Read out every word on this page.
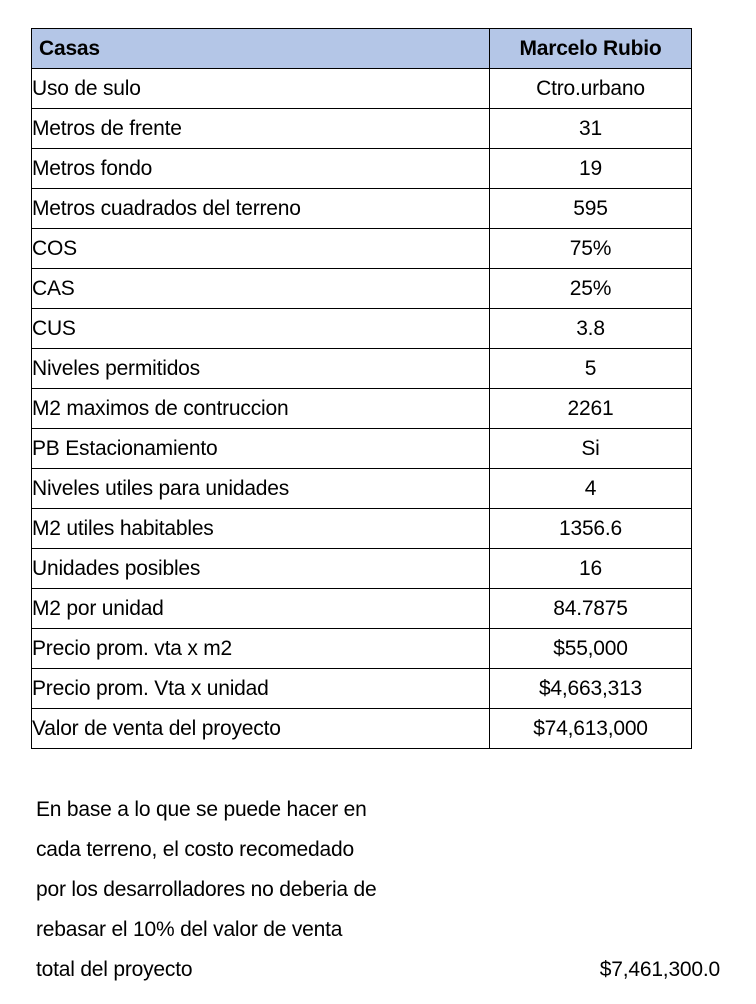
Casas	Marcelo Rubio
Uso de sulo	Ctro.urbano
Metros de frente	31
Metros fondo	19
Metros cuadrados del terreno	595
COS	75%
CAS	25%
CUS	3.8
Niveles permitidos	5
M2 maximos de contruccion	2261
PB Estacionamiento	Si
Niveles utiles para unidades	4
M2 utiles habitables	1356.6
Unidades posibles	16
M2 por unidad	84.7875
Precio prom. vta x m2	$55,000
Precio prom. Vta x unidad	$4,663,313
Valor de venta del proyecto	$74,613,000
En base a lo que se puede hacer en
cada terreno, el costo recomedado
por los desarrolladores no deberia de
rebasar el 10% del valor de venta
total del proyecto	$7,461,300.0
